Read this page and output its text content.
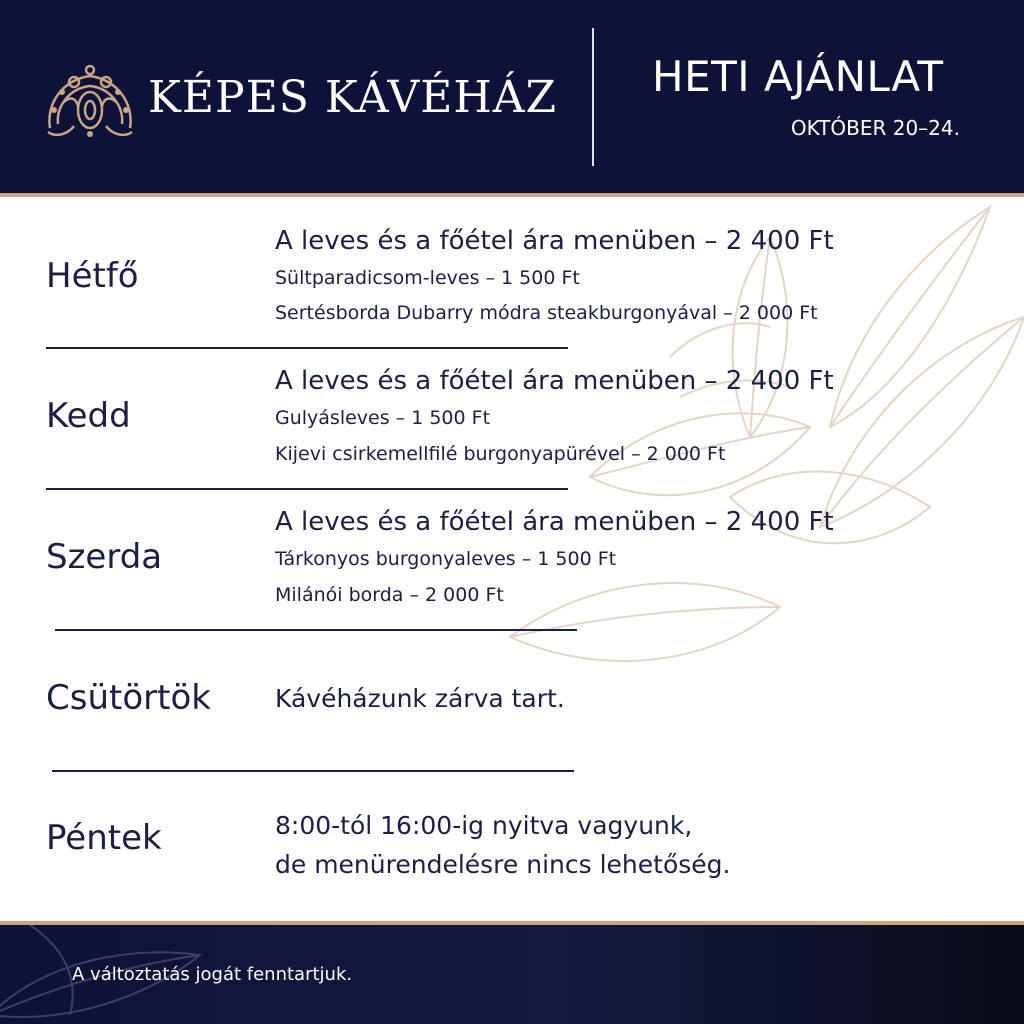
KÉPES KÁVÉHÁZ HETI AJÁNLAT
OKTÓBER 20–24.
Hétfő
A leves és a főétel ára menüben – 2 400 Ft
Sültparadicsom-leves – 1 500 Ft
Sertésborda Dubarry módra steakburgonyával – 2 000 Ft
Kedd
A leves és a főétel ára menüben – 2 400 Ft
Gulyásleves – 1 500 Ft
Kijevi csirkemellfilé burgonyapürével – 2 000 Ft
Szerda
A leves és a főétel ára menüben – 2 400 Ft
Tárkonyos burgonyaleves – 1 500 Ft
Milánói borda – 2 000 Ft
Csütörtök	Kávéházunk zárva tart.
Péntek	8:00-tól 16:00-ig nyitva vagyunk,
de menürendelésre nincs lehetőség.
A változtatás jogát fenntartjuk.
